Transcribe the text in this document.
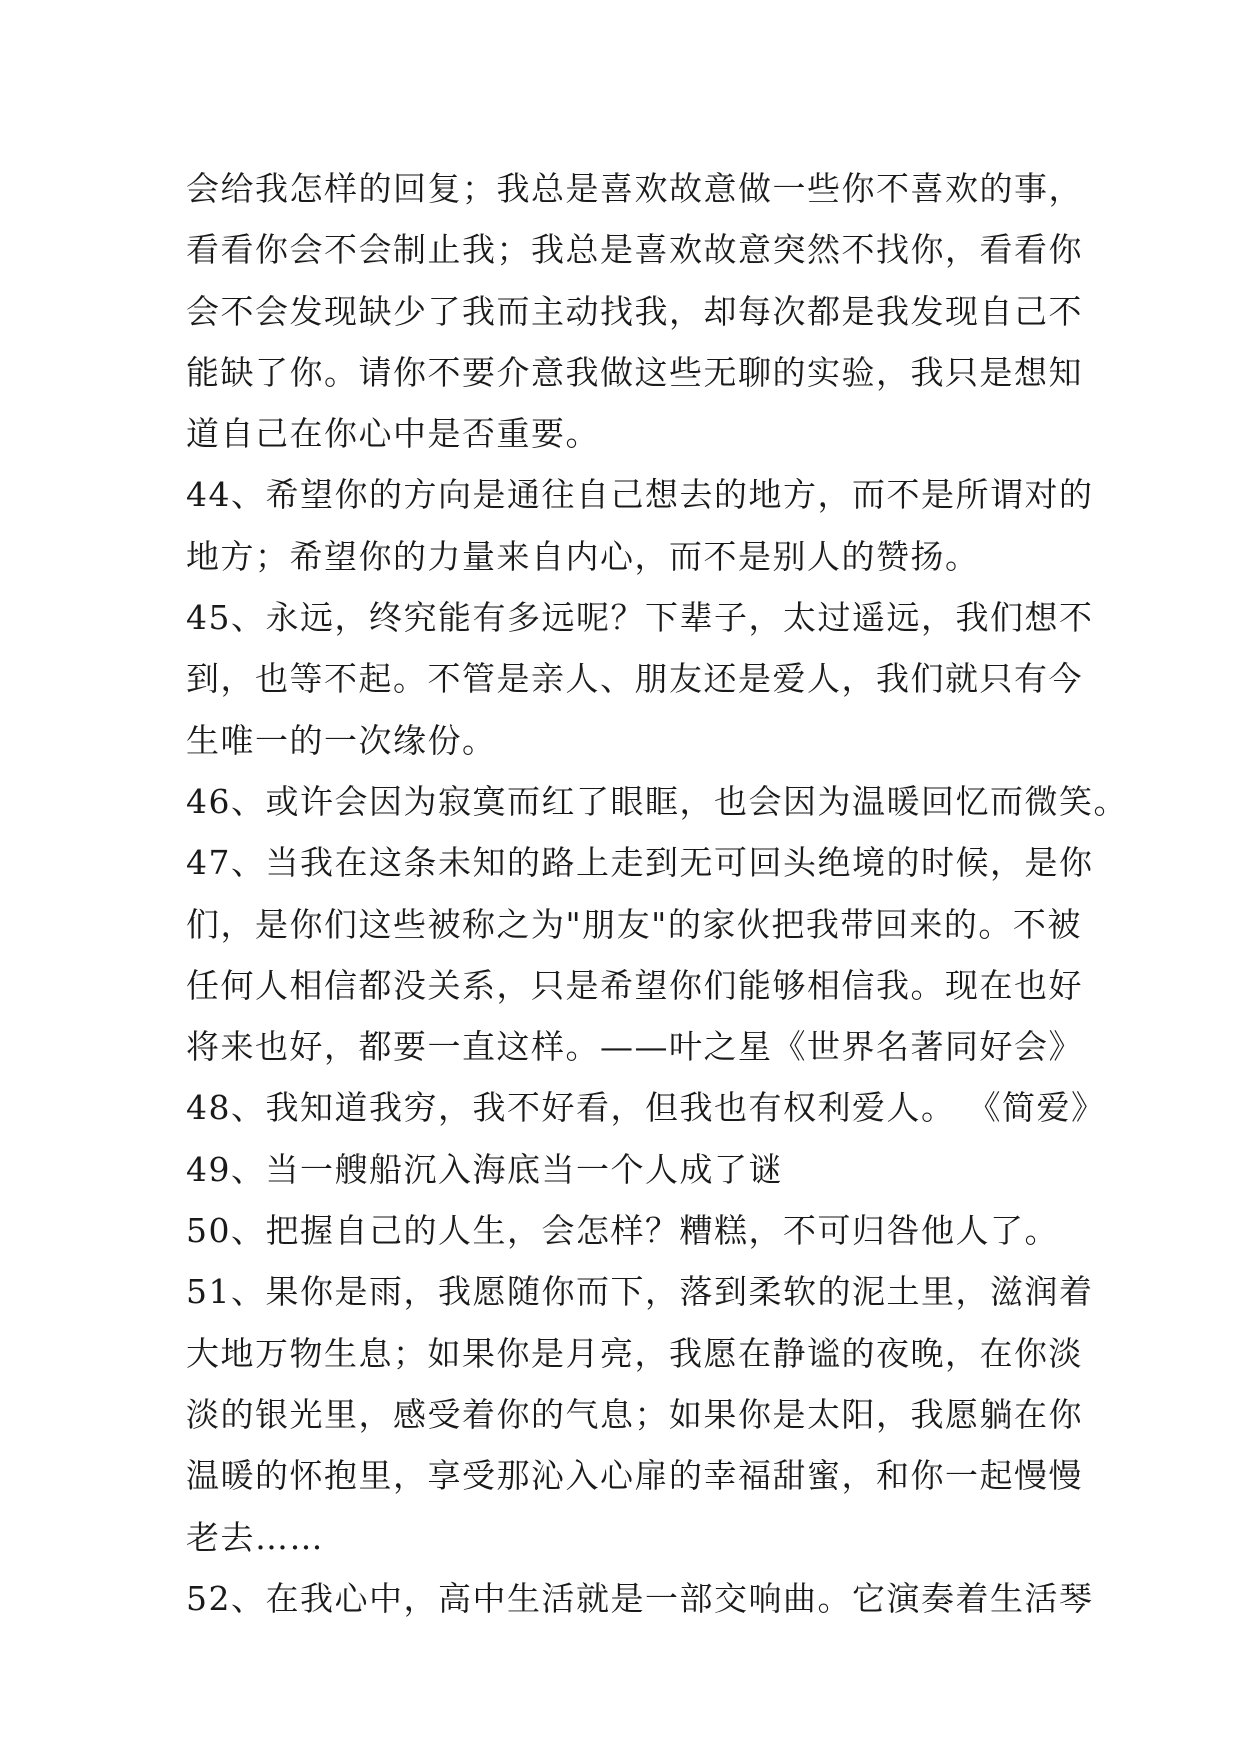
会给我怎样的回复；我总是喜欢故意做一些你不喜欢的事，
看看你会不会制止我；我总是喜欢故意突然不找你，看看你
会不会发现缺少了我而主动找我，却每次都是我发现自己不
能缺了你。请你不要介意我做这些无聊的实验，我只是想知
道自己在你心中是否重要。
44、希望你的方向是通往自己想去的地方，而不是所谓对的
地方；希望你的力量来自内心，而不是别人的赞扬。
45、永远，终究能有多远呢？下辈子，太过遥远，我们想不
到，也等不起。不管是亲人、朋友还是爱人，我们就只有今
生唯一的一次缘份。
46、或许会因为寂寞而红了眼眶，也会因为温暖回忆而微笑。
47、当我在这条未知的路上走到无可回头绝境的时候，是你
们，是你们这些被称之为"朋友"的家伙把我带回来的。不被
任何人相信都没关系，只是希望你们能够相信我。现在也好
将来也好，都要一直这样。——叶之星《世界名著同好会》
48、我知道我穷，我不好看，但我也有权利爱人。 《简爱》
49、当一艘船沉入海底当一个人成了谜
50、把握自己的人生，会怎样？糟糕，不可归咎他人了。
51、果你是雨，我愿随你而下，落到柔软的泥土里，滋润着
大地万物生息；如果你是月亮，我愿在静谧的夜晚，在你淡
淡的银光里，感受着你的气息；如果你是太阳，我愿躺在你
温暖的怀抱里，享受那沁入心扉的幸福甜蜜，和你一起慢慢
老去……
52、在我心中，高中生活就是一部交响曲。它演奏着生活琴
